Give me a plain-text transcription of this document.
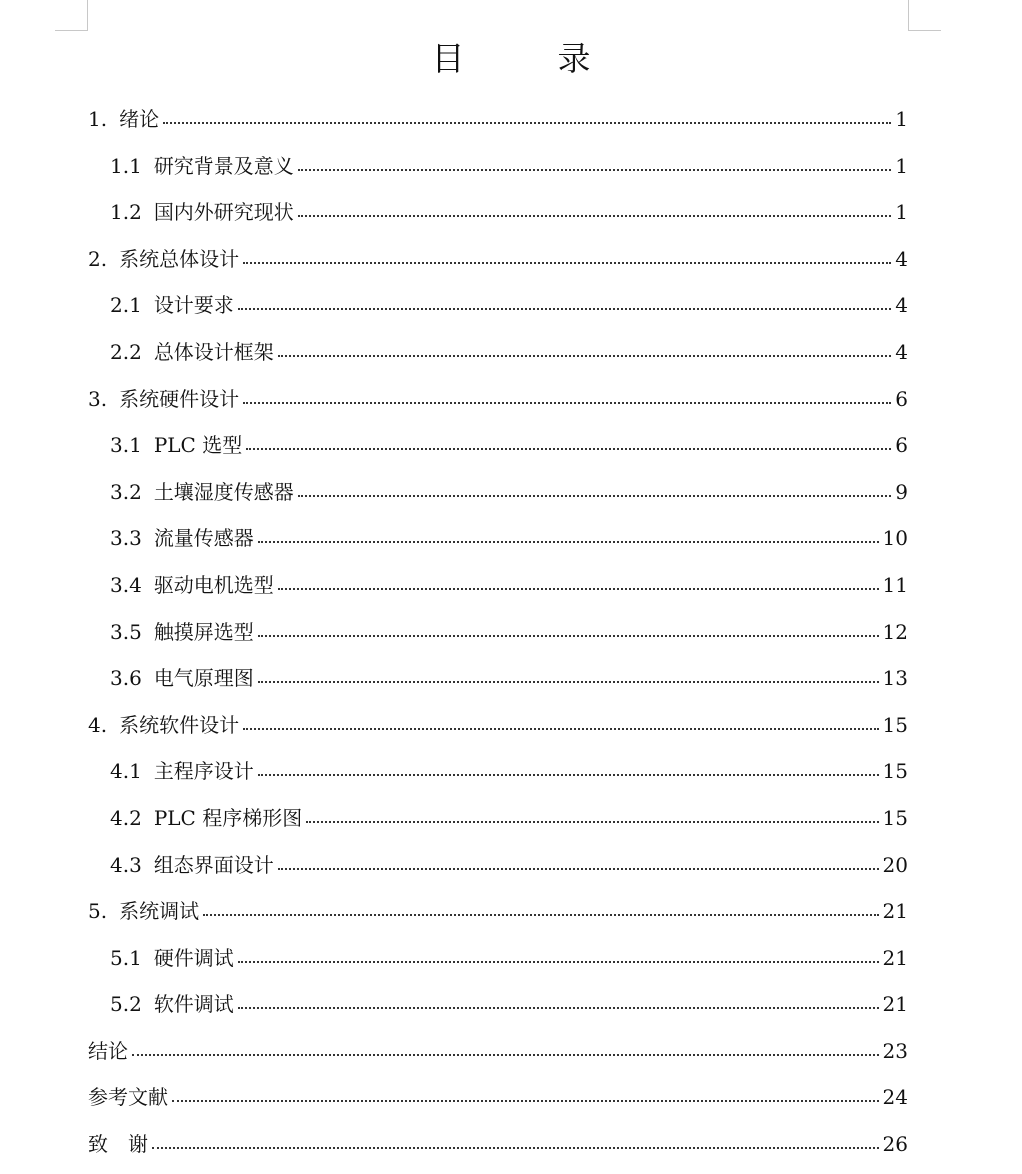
目　录
1. 绪论	1
1.1 研究背景及意义	1
1.2 国内外研究现状	1
2. 系统总体设计	4
2.1 设计要求	4
2.2 总体设计框架	4
3. 系统硬件设计	6
3.1 PLC 选型	6
3.2 土壤湿度传感器	9
3.3 流量传感器	10
3.4 驱动电机选型	11
3.5 触摸屏选型	12
3.6 电气原理图	13
4. 系统软件设计	15
4.1 主程序设计	15
4.2 PLC 程序梯形图	15
4.3 组态界面设计	20
5. 系统调试	21
5.1 硬件调试	21
5.2 软件调试	21
结论	23
参考文献	24
致　谢	26
